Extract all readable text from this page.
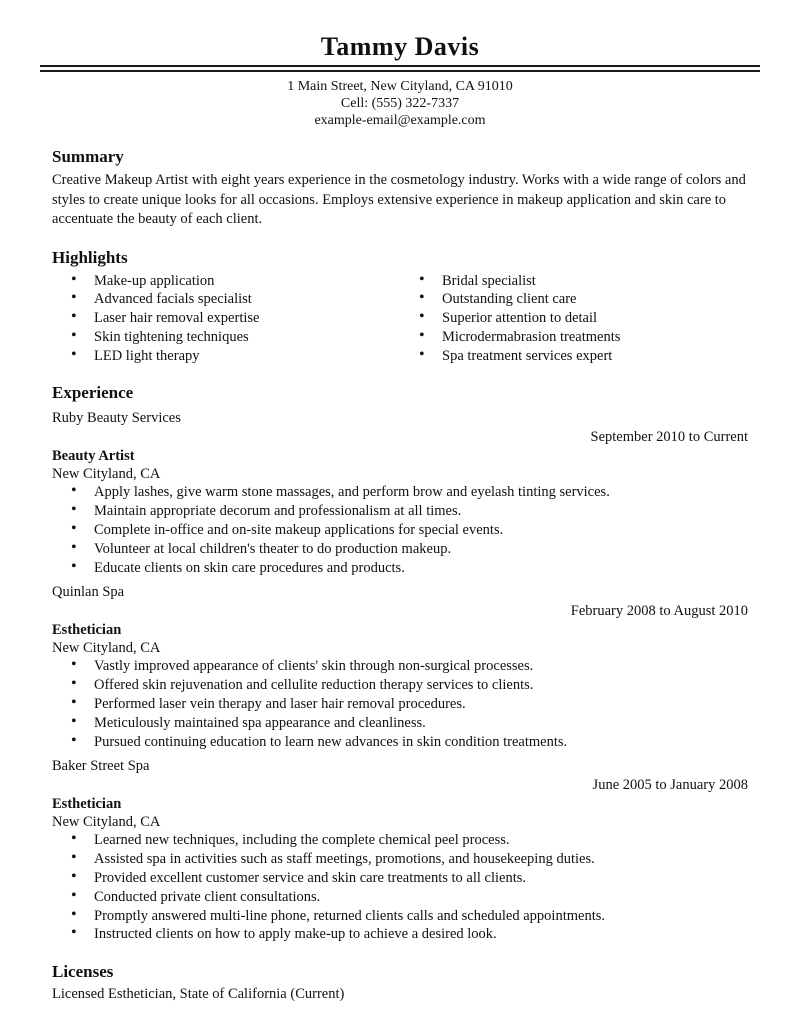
Tammy Davis
1 Main Street, New Cityland, CA 91010
Cell: (555) 322-7337
example-email@example.com
Summary

Creative Makeup Artist with eight years experience in the cosmetology industry. Works with a wide range of colors and styles to create unique looks for all occasions. Employs extensive experience in makeup application and skin care to accentuate the beauty of each client.

Highlights
• Make-up application
• Advanced facials specialist
• Laser hair removal expertise
• Skin tightening techniques
• LED light therapy
• Bridal specialist
• Outstanding client care
• Superior attention to detail
• Microdermabrasion treatments
• Spa treatment services expert
Experience
Ruby Beauty Services
September 2010 to Current
Beauty Artist
New Cityland, CA
• Apply lashes, give warm stone massages, and perform brow and eyelash tinting services.
• Maintain appropriate decorum and professionalism at all times.
• Complete in-office and on-site makeup applications for special events.
• Volunteer at local children's theater to do production makeup.
• Educate clients on skin care procedures and products.
Quinlan Spa
February 2008 to August 2010
Esthetician
New Cityland, CA
• Vastly improved appearance of clients' skin through non-surgical processes.
• Offered skin rejuvenation and cellulite reduction therapy services to clients.
• Performed laser vein therapy and laser hair removal procedures.
• Meticulously maintained spa appearance and cleanliness.
• Pursued continuing education to learn new advances in skin condition treatments.
Baker Street Spa
June 2005 to January 2008
Esthetician
New Cityland, CA
• Learned new techniques, including the complete chemical peel process.
• Assisted spa in activities such as staff meetings, promotions, and housekeeping duties.
• Provided excellent customer service and skin care treatments to all clients.
• Conducted private client consultations.
• Promptly answered multi-line phone, returned clients calls and scheduled appointments.
• Instructed clients on how to apply make-up to achieve a desired look.
Licenses

Licensed Esthetician, State of California (Current)
